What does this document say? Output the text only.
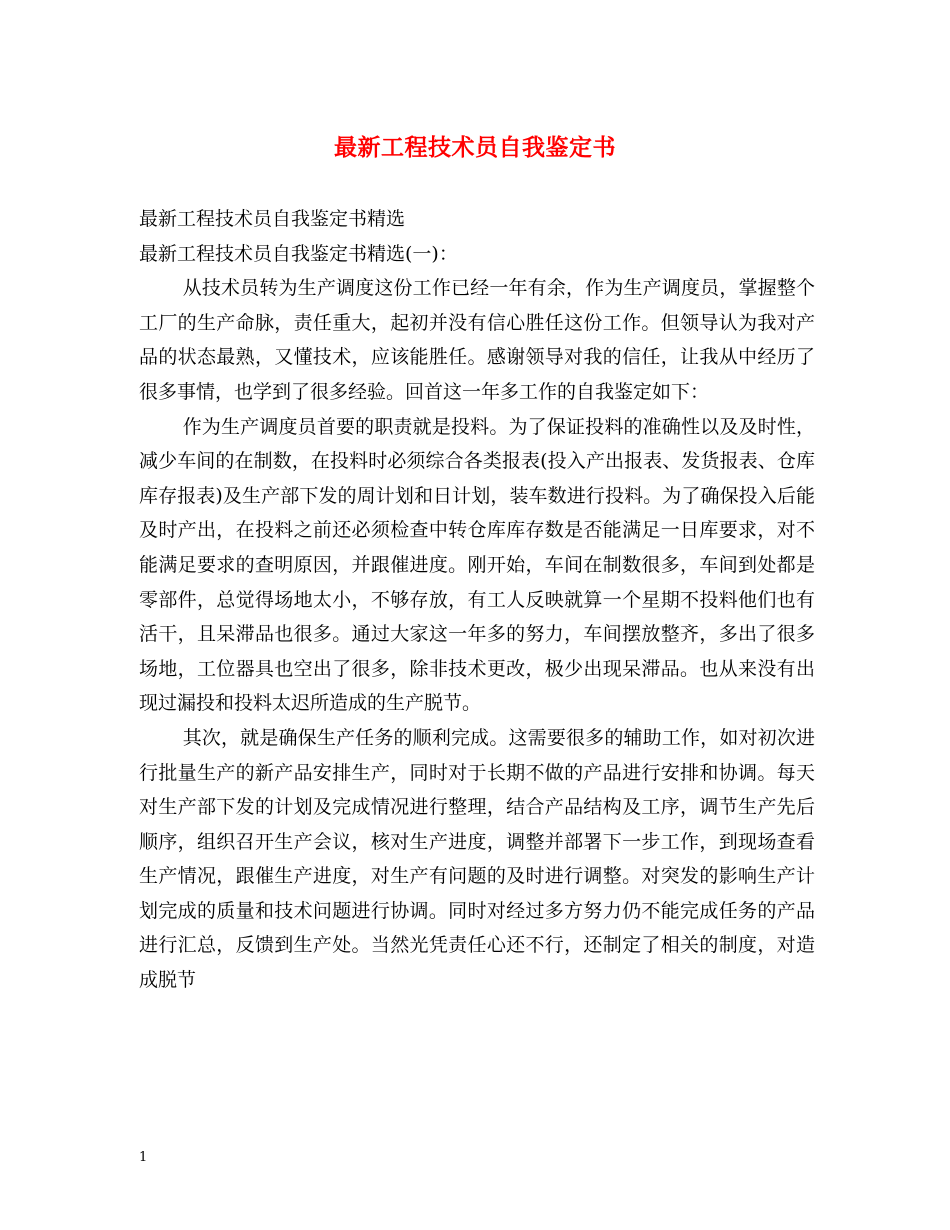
最新工程技术员自我鉴定书

最新工程技术员自我鉴定书精选

最新工程技术员自我鉴定书精选(一)：

从技术员转为生产调度这份工作已经一年有余，作为生产调度员，掌握整个工厂的生产命脉，责任重大，起初并没有信心胜任这份工作。但领导认为我对产品的状态最熟，又懂技术，应该能胜任。感谢领导对我的信任，让我从中经历了很多事情，也学到了很多经验。回首这一年多工作的自我鉴定如下：

作为生产调度员首要的职责就是投料。为了保证投料的准确性以及及时性，减少车间的在制数，在投料时必须综合各类报表(投入产出报表、发货报表、仓库库存报表)及生产部下发的周计划和日计划，装车数进行投料。为了确保投入后能及时产出，在投料之前还必须检查中转仓库库存数是否能满足一日库要求，对不能满足要求的查明原因，并跟催进度。刚开始，车间在制数很多，车间到处都是零部件，总觉得场地太小，不够存放，有工人反映就算一个星期不投料他们也有活干，且呆滞品也很多。通过大家这一年多的努力，车间摆放整齐，多出了很多场地，工位器具也空出了很多，除非技术更改，极少出现呆滞品。也从来没有出现过漏投和投料太迟所造成的生产脱节。

其次，就是确保生产任务的顺利完成。这需要很多的辅助工作，如对初次进行批量生产的新产品安排生产，同时对于长期不做的产品进行安排和协调。每天对生产部下发的计划及完成情况进行整理，结合产品结构及工序，调节生产先后顺序，组织召开生产会议，核对生产进度，调整并部署下一步工作，到现场查看生产情况，跟催生产进度，对生产有问题的及时进行调整。对突发的影响生产计划完成的质量和技术问题进行协调。同时对经过多方努力仍不能完成任务的产品进行汇总，反馈到生产处。当然光凭责任心还不行，还制定了相关的制度，对造成脱节

1
